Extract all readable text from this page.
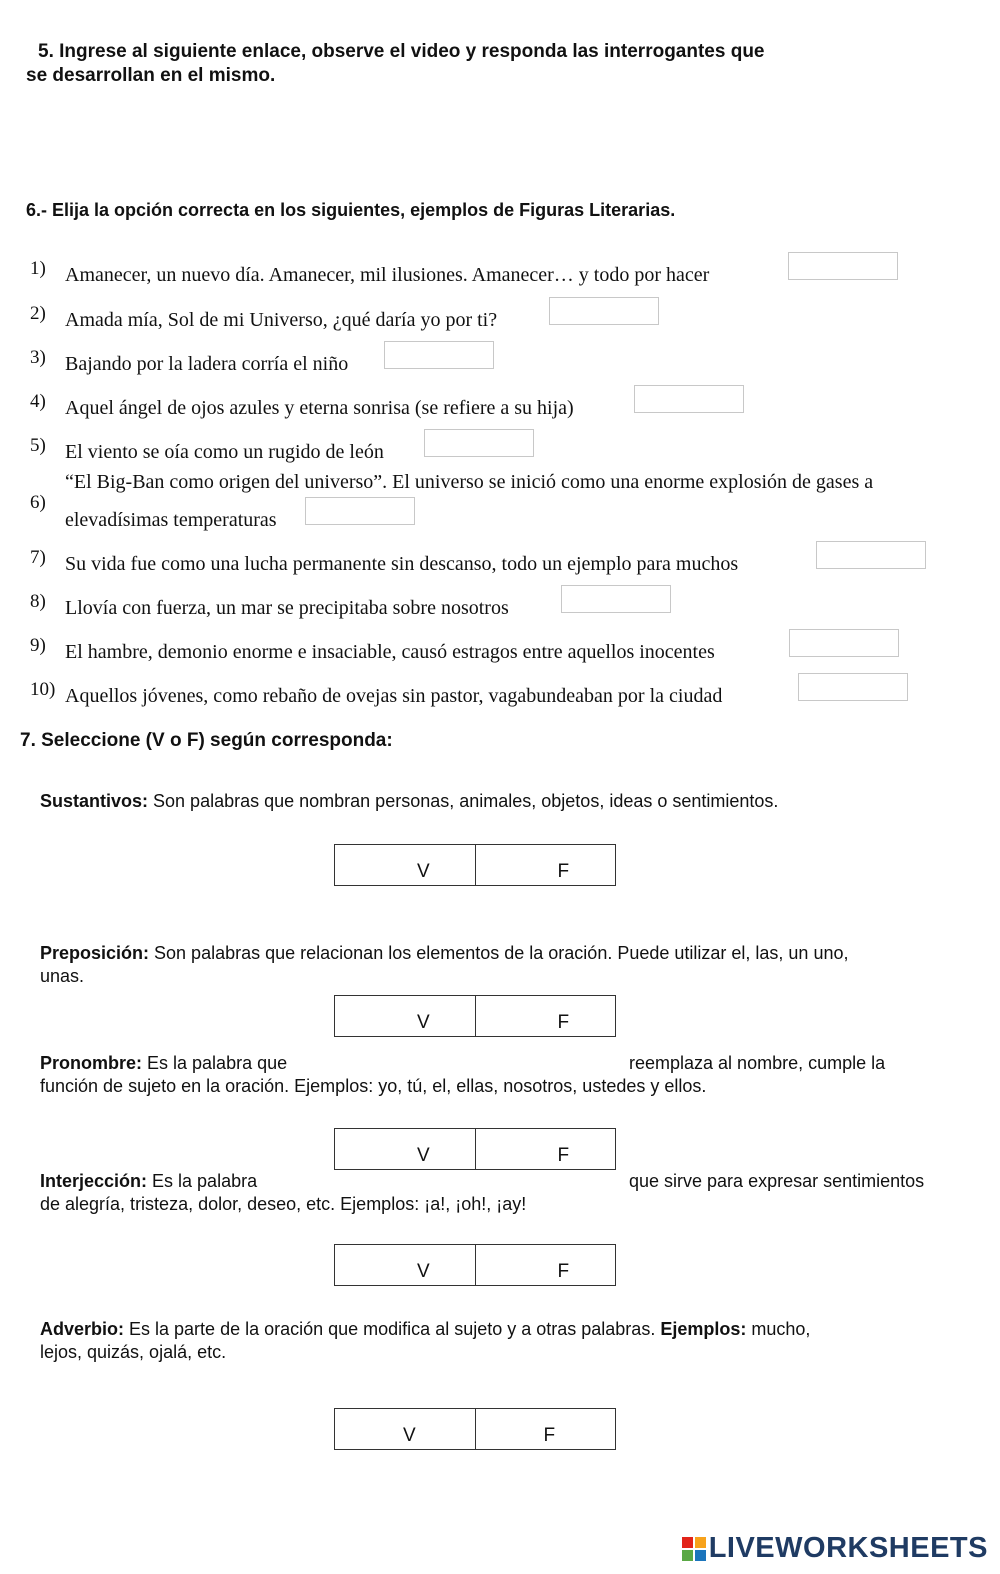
5. Ingrese al siguiente enlace, observe el video y responda las interrogantes que
se desarrollan en el mismo.
6.- Elija la opción correcta en los siguientes, ejemplos de Figuras Literarias.
1) Amanecer, un nuevo día. Amanecer, mil ilusiones. Amanecer… y todo por hacer
2) Amada mía, Sol de mi Universo, ¿qué daría yo por ti?
3) Bajando por la ladera corría el niño
4) Aquel ángel de ojos azules y eterna sonrisa (se refiere a su hija)
5) El viento se oía como un rugido de león
6)
“El Big-Ban como origen del universo”. El universo se inició como una enorme explosión de gases a
elevadísimas temperaturas
7) Su vida fue como una lucha permanente sin descanso, todo un ejemplo para muchos
8) Llovía con fuerza, un mar se precipitaba sobre nosotros
9) El hambre, demonio enorme e insaciable, causó estragos entre aquellos inocentes
10) Aquellos jóvenes, como rebaño de ovejas sin pastor, vagabundeaban por la ciudad
7. Seleccione (V o F) según corresponda:
Sustantivos: Son palabras que nombran personas, animales, objetos, ideas o sentimientos.
V	F
Preposición: Son palabras que relacionan los elementos de la oración. Puede utilizar el, las, un uno,
unas.
V	F
Pronombre: Es la palabra que	reemplaza al nombre, cumple la

función de sujeto en la oración. Ejemplos: yo, tú, el, ellas, nosotros, ustedes y ellos.
V	F
Interjección: Es la palabra	que sirve para expresar sentimientos

de alegría, tristeza, dolor, deseo, etc. Ejemplos: ¡a!, ¡oh!, ¡ay!
V	F
Adverbio: Es la parte de la oración que modifica al sujeto y a otras palabras. Ejemplos: mucho,
lejos, quizás, ojalá, etc.
V	F
LIVEWORKSHEETS
